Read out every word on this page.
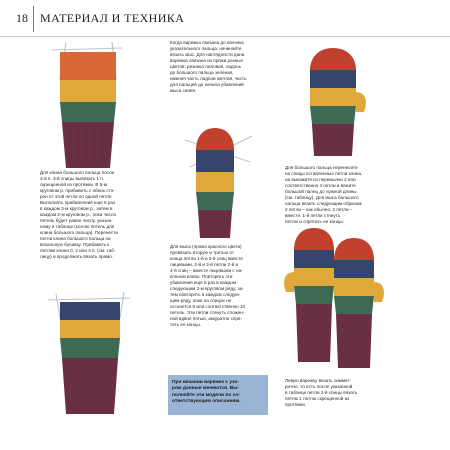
18 МАТЕРИАЛ И ТЕХНИКА
Когда варежка связана до кончика
указательного пальца, начинайте
вязать мыс. Для наглядности дана
варежка связана из пряжи разных
цветов: резинка лиловая, ладонь
до большого пальца зеленая,
нижняя часть ладони желтая, часть
для пальцев до начала убавлений
мыса синяя.
Для клина большого пальца после
2-й п. 3-й спицы вывязать 1 п.
скрещенной из протяжки. В 5-м
круговом р. прибавить с обеих сто-
рон от этой петли по одной петле.
Выполнять прибавления еще 5 раз
в каждом 3-м круговом р., затем в
каждом 2-м круговом р., пока число
петель будет равно числу, указан-
ному в таблице (кол-во петель для
клина большого пальца). Перенести
петли клина большого пальца на
вязальную булавку. Прибавить к
петлям клина 0, 2 или 4 п. (см. таб-
лицу) и продолжать вязать прямо.
Для большого пальца перенесите
на спицы оставленные петли клина,
на выкажите из перемычки 2 или
соответственно 4 петли и вяжите
большой палец до нужной длины
(см. таблицу). Для мыса большого
пальца вязать следующим образом:
2 петли – как обычно, 2 петли –
вместе. 1-й петли стянуть
петлю и спрятать ее концы.
Для мыса (пряжа красного цвета)
провязать вторую и третью от
конца петли 1-й и 3-й спиц вместе
лицевыми, 2-й и 3-й петли 2-й и
4-й спиц – вместе лицевыми с на-
клоном влево. Повторять эти
убавления еще 5 раз в каждом
следующем 2-м круговом ряду, за-
тем повторять в каждом следую-
щем ряду, пока на спицах не
останется 8 или соответственно 10
петель. Эти петли стянуть сложен-
ной вдвое пятью, аккуратно спря-
тать ее концы.
Левую варежку вязать симмет-
рично, то есть после указанной
в таблице петли 2-й спицы вязать
петлю 1 петлю скрещенной из
протяжки.
При вязании варежек с узо-
ром данные меняются. Вы-
полняйте эти модели по со-
ответствующим описаниям.
